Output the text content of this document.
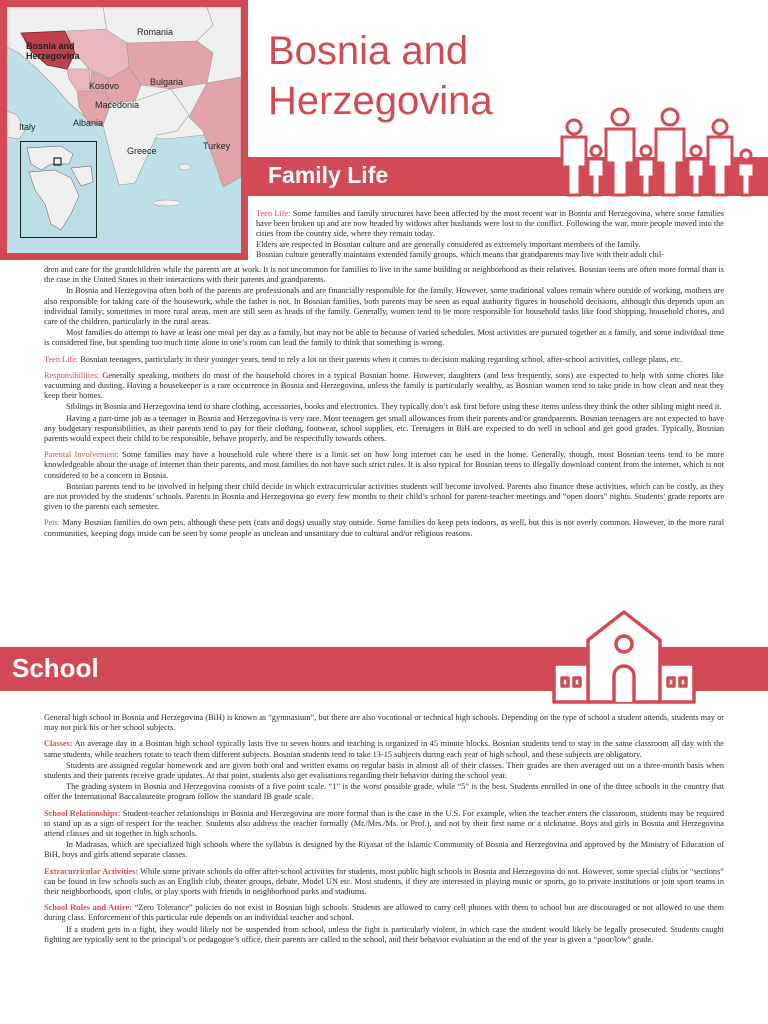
Romania
Bosnia and Herzegovina
Bulgaria
Kosovo
Macedonia
Albania
Italy
Greece	Turkey
Bosnia and
Herzegovina
Family Life

Teen Life: Some families and family structures have been affected by the most recent war in Bosnia and Herzegovina, where some families have been broken up and are now headed by widows after husbands were lost to the conflict. Following the war, more people moved into the cities from the country side, where they remain today.

Elders are respected in Bosnian culture and are generally considered as extremely important members of the family.

Bosnian culture generally maintains extended family groups, which means that grandparents may live with their adult chil-

dren and care for the grandchildren while the parents are at work. It is not uncommon for families to live in the same building or neighborhood as their relatives. Bosnian teens are often more formal than is the case in the United States in their interactions with their parents and grandparents.

In Bosnia and Herzegovina often both of the parents are professionals and are financially responsible for the family. However, some traditional values remain where outside of working, mothers are also responsible for taking care of the housework, while the father is not. In Bosnian families, both parents may be seen as equal authority figures in household decisions, although this depends upon an individual family; sometimes in more rural areas, men are still seen as heads of the family. Generally, women tend to be more responsible for household tasks like food shopping, household chores, and care of the children, particularly in the rural areas.

Most families do attempt to have at least one meal per day as a family, but may not be able to because of varied schedules. Most activities are pursued together as a family, and some individual time is considered fine, but spending too much time alone in one’s room can lead the family to think that something is wrong.

Teen Life: Bosnian teenagers, particularly in their younger years, tend to rely a lot on their parents when it comes to decision making regarding school, after-school activities, college plans, etc.

Responsibilities: Generally speaking, mothers do most of the household chores in a typical Bosnian home. However, daughters (and less frequently, sons) are expected to help with some chores like vacuuming and dusting. Having a housekeeper is a rare occurrence in Bosnia and Herzegovina, unless the family is particularly wealthy, as Bosnian women tend to take pride in how clean and neat they keep their homes.

Siblings in Bosnia and Herzegovina tend to share clothing, accessories, books and electronics. They typically don’t ask first before using these items unless they think the other sibling might need it.

Having a part-time job as a teenager in Bosnia and Herzegovina is very rare. Most teenagers get small allowances from their parents and/or grandparents. Bosnian teenagers are not expected to have any budgetary responsibilities, as their parents tend to pay for their clothing, footwear, school supplies, etc. Teenagers in BiH are expected to do well in school and get good grades. Typically, Bosnian parents would expect their child to be responsible, behave properly, and be respectfully towards others.

Parental Involvement: Some families may have a household rule where there is a limit set on how long internet can be used in the home. Generally, though, most Bosnian teens tend to be more knowledgeable about the usage of internet than their parents, and most families do not have such strict rules. It is also typical for Bosnian teens to illegally download content from the internet, which is not considered to be a concern in Bosnia.

Bosnian parents tend to be involved in helping their child decide in which extracurricular activities students will become involved. Parents also finance these activities, which can be costly, as they are not provided by the students’ schools. Parents in Bosnia and Herzegovina go every few months to their child’s school for parent-teacher meetings and “open doors” nights. Students’ grade reports are given to the parents each semester.

Pets: Many Bosnian families do own pets, although these pets (cats and dogs) usually stay outside. Some families do keep pets indoors, as well, but this is not overly common. However, in the more rural communities, keeping dogs inside can be seen by some people as unclean and unsanitary due to cultural and/or religious reasons.

School

General high school in Bosnia and Herzegovina (BiH) is known as “gymnasium”, but there are also vocational or technical high schools. Depending on the type of school a student attends, students may or may not pick his or her school subjects.

Classes: An average day in a Bosnian high school typically lasts five to seven hours and teaching is organized in 45 minute blocks. Bosnian students tend to stay in the same classroom all day with the same students, while teachers rotate to teach them different subjects. Bosnian students tend to take 13-15 subjects during each year of high school, and these subjects are obligatory.

Students are assigned regular homework and are given both oral and written exams on regular basis in almost all of their classes. Their grades are then averaged out on a three-month basis when students and their parents receive grade updates. At that point, students also get evaluations regarding their behavior during the school year.

The grading system in Bosnia and Herzegovina consists of a five point scale. “1” is the worst possible grade, while “5” is the best. Students enrolled in one of the three schools in the country that offer the International Baccalaureate program follow the standard IB grade scale.

School Relationships: Student-teacher relationships in Bosnia and Herzegovina are more formal than is the case in the U.S. For example, when the teacher enters the classroom, students may be required to stand up as a sign of respect for the teacher. Students also address the teacher formally (Mr./Mrs./Ms. or Prof.), and not by their first name or a nickname. Boys and girls in Bosnia and Herzegovina attend classes and sit together in high schools.

In Madrasas, which are specialized high schools where the syllabus is designed by the Riyasat of the Islamic Community of Bosnia and Herzegovina and approved by the Ministry of Education of BiH, boys and girls attend separate classes.

Extracurricular Activities: While some private schools do offer after-school activities for students, most public high schools in Bosnia and Herzegovina do not. However, some special clubs or “sections” can be found in few schools such as an English club, theater groups, debate, Model UN etc. Most students, if they are interested in playing music or sports, go to private institutions or join sport teams in their neighborhoods, sport clubs, or play sports with friends in neighborhood parks and stadiums.

School Rules and Attire: “Zero Tolerance” policies do not exist in Bosnian high schools. Students are allowed to carry cell phones with them to school but are discouraged or not allowed to use them during class. Enforcement of this particular rule depends on an individual teacher and school.

If a student gets in a fight, they would likely not be suspended from school, unless the fight is particularly violent, in which case the student would likely be legally prosecuted. Students caught fighting are typically sent to the principal’s or pedagogue’s office, their parents are called to the school, and their behavior evaluation at the end of the year is given a “poor/low” grade.
